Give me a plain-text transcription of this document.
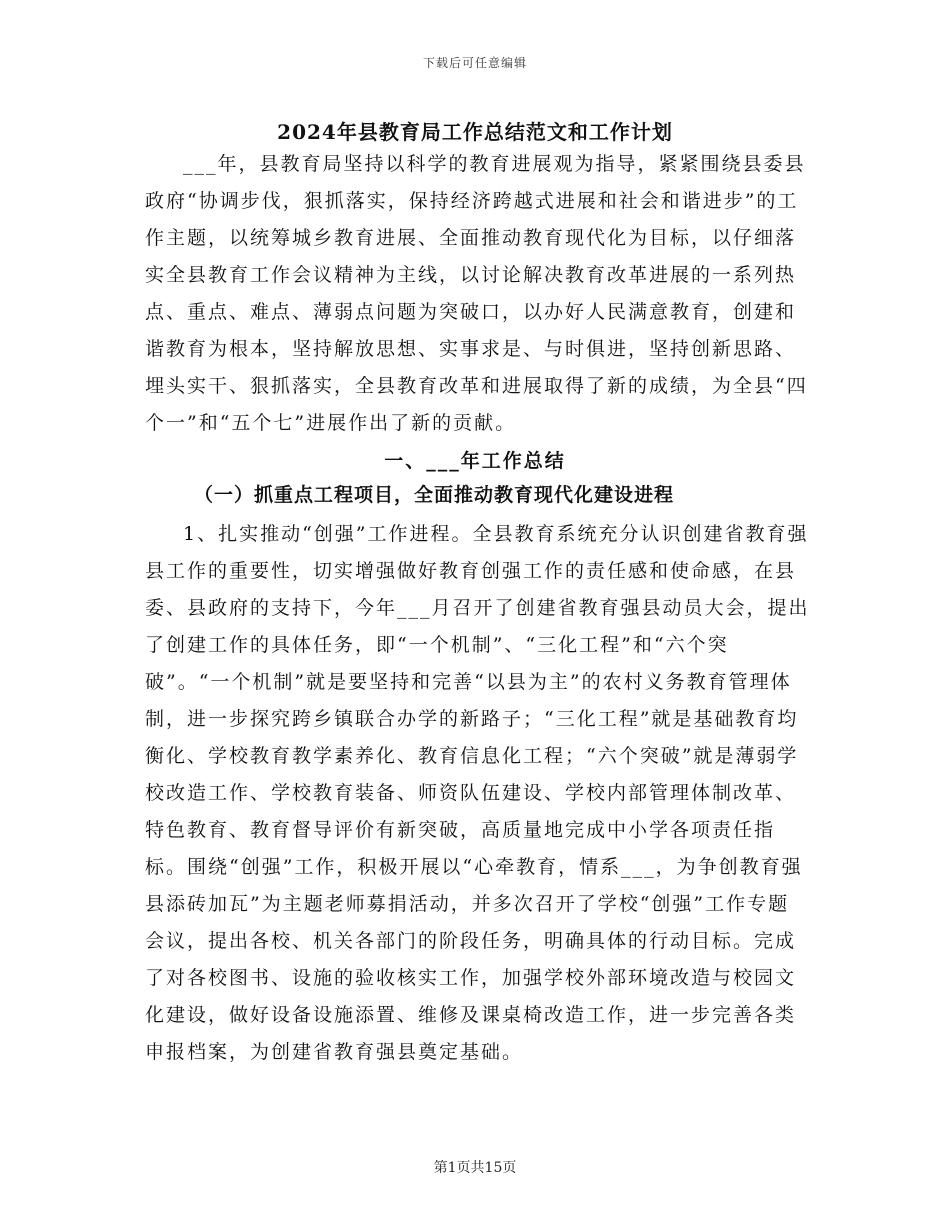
下载后可任意编辑
2024年县教育局工作总结范文和工作计划

___年，县教育局坚持以科学的教育进展观为指导，紧紧围绕县委县政府“协调步伐，狠抓落实，保持经济跨越式进展和社会和谐进步”的工作主题，以统筹城乡教育进展、全面推动教育现代化为目标，以仔细落实全县教育工作会议精神为主线，以讨论解决教育改革进展的一系列热点、重点、难点、薄弱点问题为突破口，以办好人民满意教育，创建和谐教育为根本，坚持解放思想、实事求是、与时俱进，坚持创新思路、埋头实干、狠抓落实，全县教育改革和进展取得了新的成绩，为全县“四个一”和“五个七”进展作出了新的贡献。

一、___年工作总结
（一）抓重点工程项目，全面推动教育现代化建设进程

1、扎实推动“创强”工作进程。全县教育系统充分认识创建省教育强县工作的重要性，切实增强做好教育创强工作的责任感和使命感，在县委、县政府的支持下，今年___月召开了创建省教育强县动员大会，提出了创建工作的具体任务，即“一个机制”、“三化工程”和“六个突破”。“一个机制”就是要坚持和完善“以县为主”的农村义务教育管理体制，进一步探究跨乡镇联合办学的新路子；“三化工程”就是基础教育均衡化、学校教育教学素养化、教育信息化工程；“六个突破”就是薄弱学校改造工作、学校教育装备、师资队伍建设、学校内部管理体制改革、特色教育、教育督导评价有新突破，高质量地完成中小学各项责任指标。围绕“创强”工作，积极开展以“心牵教育，情系___，为争创教育强县添砖加瓦”为主题老师募捐活动，并多次召开了学校“创强”工作专题会议，提出各校、机关各部门的阶段任务，明确具体的行动目标。完成了对各校图书、设施的验收核实工作，加强学校外部环境改造与校园文化建设，做好设备设施添置、维修及课桌椅改造工作，进一步完善各类申报档案，为创建省教育强县奠定基础。

第1页共15页
